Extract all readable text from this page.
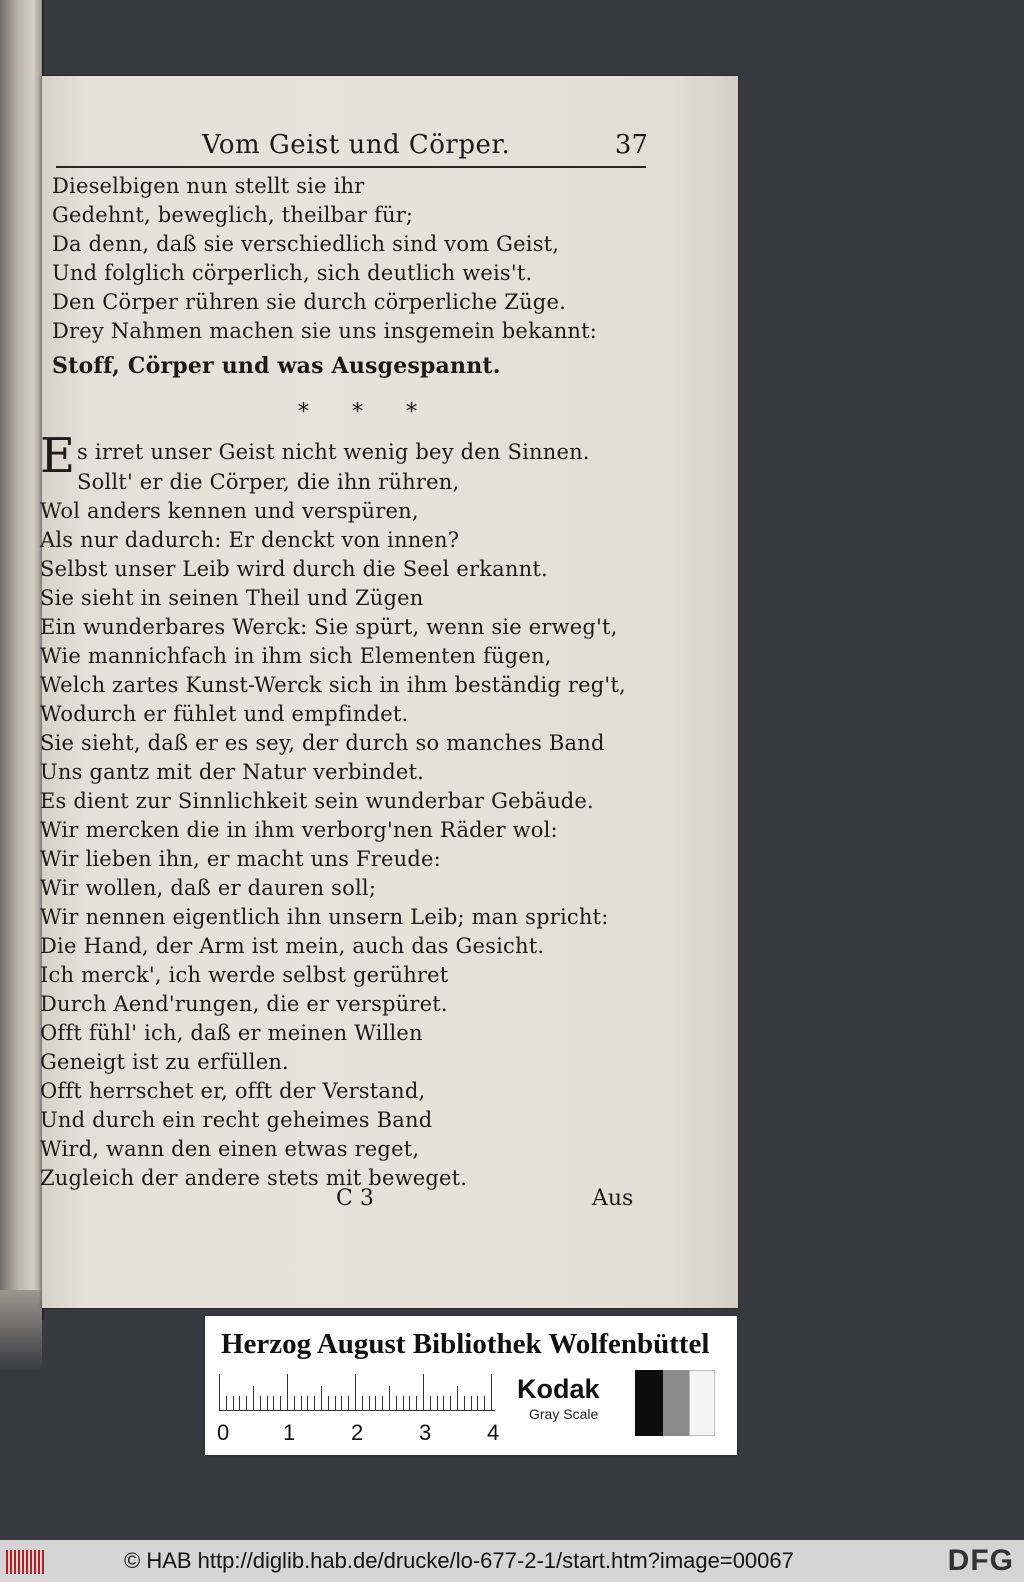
Vom Geist und Cörper.	37
Dieselbigen nun stellt sie ihr
Gedehnt, beweglich, theilbar für;
Da denn, daß sie verschiedlich sind vom Geist,
Und folglich cörperlich, sich deutlich weis't.
Den Cörper rühren sie durch cörperliche Züge.
Drey Nahmen machen sie uns insgemein bekannt:
Stoff, Cörper und was Ausgespannt.
* * *
E s irret unser Geist nicht wenig bey den Sinnen.
Sollt' er die Cörper, die ihn rühren,
Wol anders kennen und verspüren,
Als nur dadurch: Er denckt von innen?
Selbst unser Leib wird durch die Seel erkannt.
Sie sieht in seinen Theil und Zügen
Ein wunderbares Werck: Sie spürt, wenn sie erweg't,
Wie mannichfach in ihm sich Elementen fügen,
Welch zartes Kunst-Werck sich in ihm beständig reg't,
Wodurch er fühlet und empfindet.
Sie sieht, daß er es sey, der durch so manches Band
Uns gantz mit der Natur verbindet.
Es dient zur Sinnlichkeit sein wunderbar Gebäude.
Wir mercken die in ihm verborg'nen Räder wol:
Wir lieben ihn, er macht uns Freude:
Wir wollen, daß er dauren soll;
Wir nennen eigentlich ihn unsern Leib; man spricht:
Die Hand, der Arm ist mein, auch das Gesicht.
Ich merck', ich werde selbst gerühret
Durch Aend'rungen, die er verspüret.
Offt fühl' ich, daß er meinen Willen
Geneigt ist zu erfüllen.
Offt herrschet er, offt der Verstand,
Und durch ein recht geheimes Band
Wird, wann den einen etwas reget,
Zugleich der andere stets mit beweget.
C 3	Aus
Herzog August Bibliothek Wolfenbüttel
0 1	2	3	4
Kodak
Gray Scale
© HAB http://diglib.hab.de/drucke/lo-677-2-1/start.htm?image=00067	DFG
